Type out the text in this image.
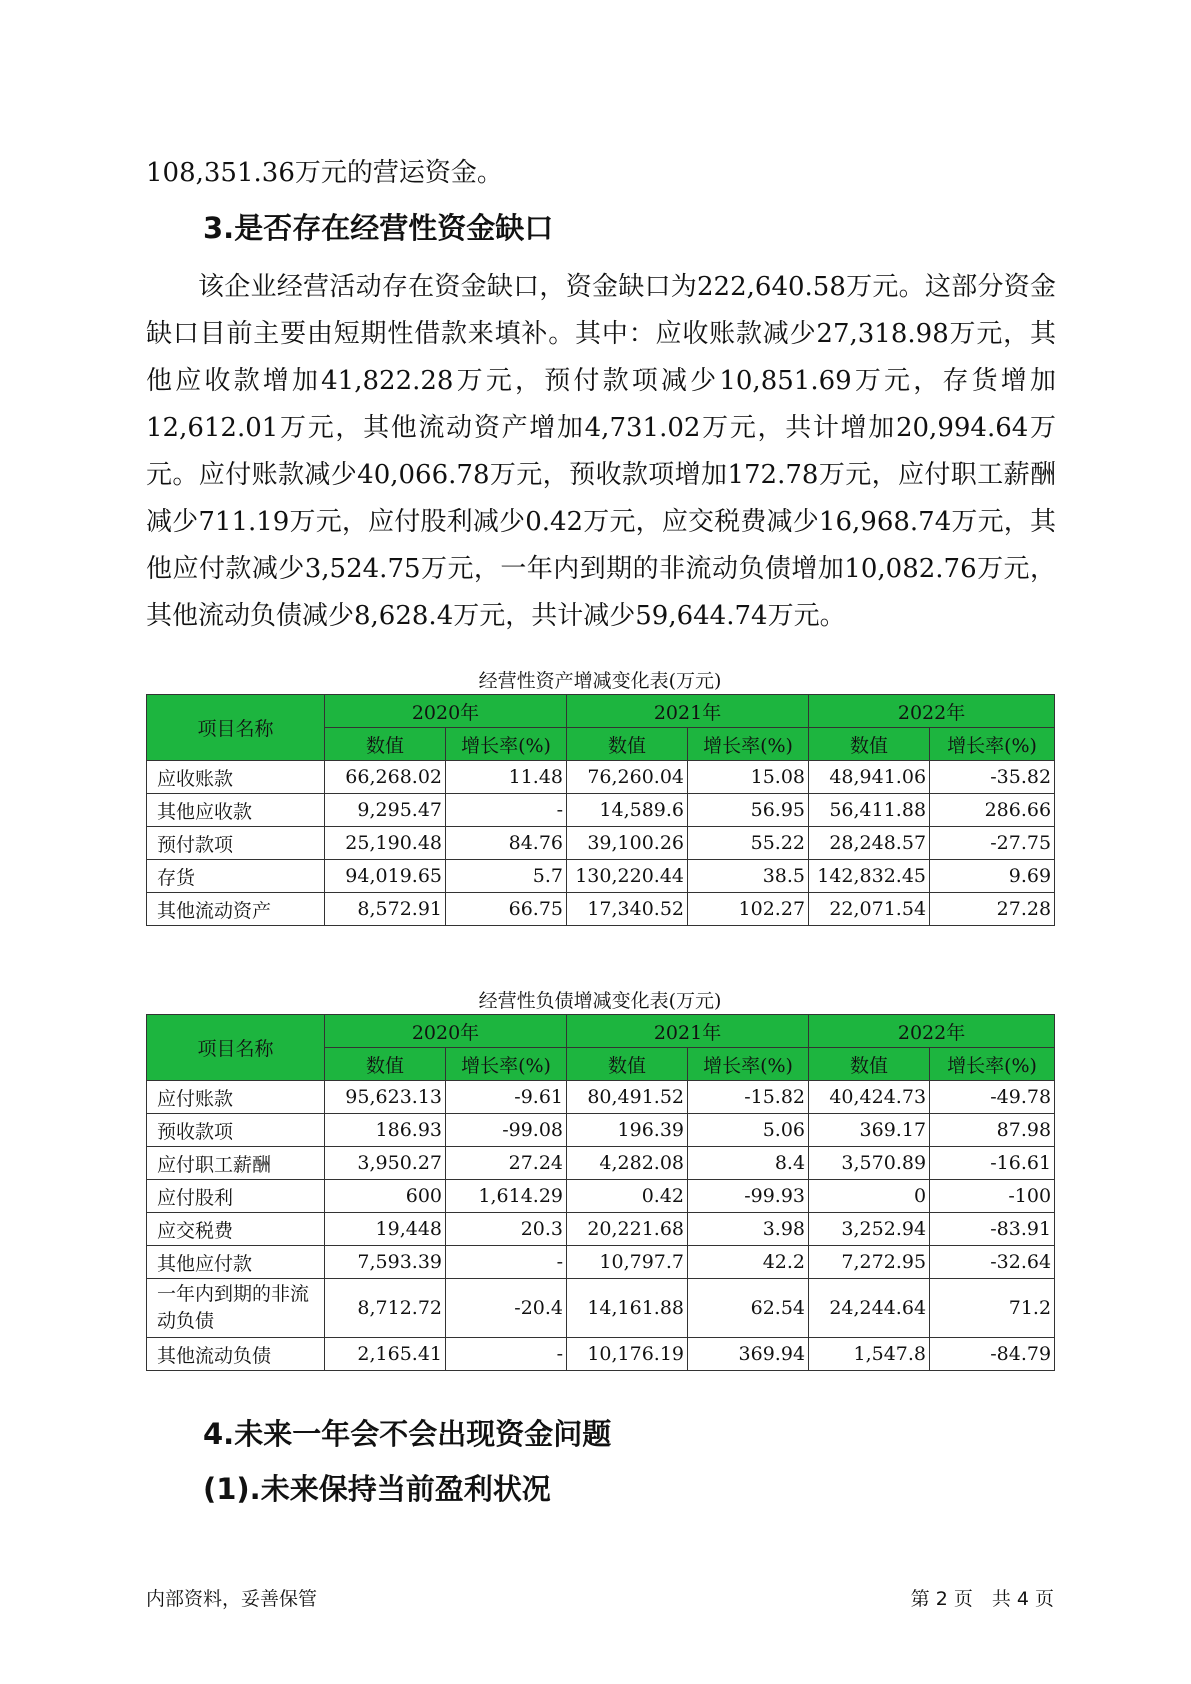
108,351.36万元的营运资金。

3.是否存在经营性资金缺口

该企业经营活动存在资金缺口，资金缺口为222,640.58万元。这部分资金缺口目前主要由短期性借款来填补。其中：应收账款减少27,318.98万元，其他应收款增加41,822.28万元，预付款项减少10,851.69万元，存货增加12,612.01万元，其他流动资产增加4,731.02万元，共计增加20,994.64万元。应付账款减少40,066.78万元，预收款项增加172.78万元，应付职工薪酬减少711.19万元，应付股利减少0.42万元，应交税费减少16,968.74万元，其他应付款减少3,524.75万元，一年内到期的非流动负债增加10,082.76万元，其他流动负债减少8,628.4万元，共计减少59,644.74万元。

经营性资产增减变化表(万元)
项目名称	2020年		2021年		2022年	
	数值	增长率(%)	数值	增长率(%)	数值	增长率(%)
应收账款	66,268.02	11.48	76,260.04	15.08	48,941.06	-35.82
其他应收款	9,295.47	-	14,589.6	56.95	56,411.88	286.66
预付款项	25,190.48	84.76	39,100.26	55.22	28,248.57	-27.75
存货	94,019.65	5.7	130,220.44	38.5	142,832.45	9.69
其他流动资产	8,572.91	66.75	17,340.52	102.27	22,071.54	27.28
经营性负债增减变化表(万元)
项目名称	2020年		2021年		2022年	
	数值	增长率(%)	数值	增长率(%)	数值	增长率(%)
应付账款	95,623.13	-9.61	80,491.52	-15.82	40,424.73	-49.78
预收款项	186.93	-99.08	196.39	5.06	369.17	87.98
应付职工薪酬	3,950.27	27.24	4,282.08	8.4	3,570.89	-16.61
应付股利	600	1,614.29	0.42	-99.93	0	-100
应交税费	19,448	20.3	20,221.68	3.98	3,252.94	-83.91
其他应付款	7,593.39	-	10,797.7	42.2	7,272.95	-32.64
一年内到期的非流动负债	8,712.72	-20.4	14,161.88	62.54	24,244.64	71.2
其他流动负债	2,165.41	-	10,176.19	369.94	1,547.8	-84.79
4.未来一年会不会出现资金问题
(1).未来保持当前盈利状况
内部资料，妥善保管	第 2 页　共 4 页
